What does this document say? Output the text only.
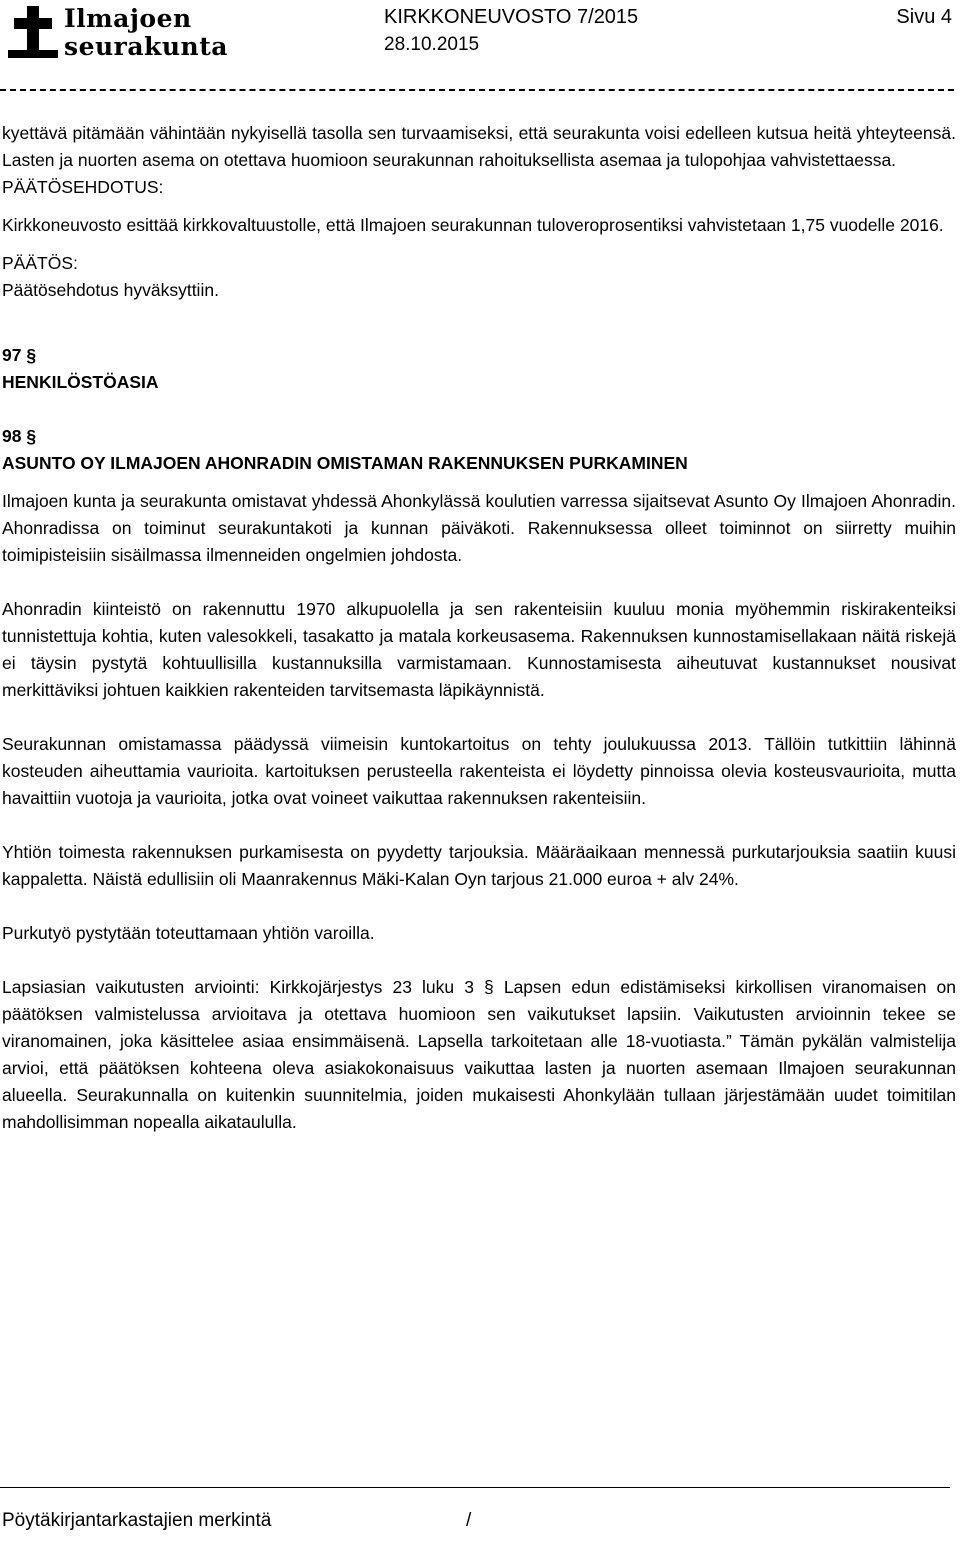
Ilmajoen
seurakunta
KIRKKONEUVOSTO 7/2015
28.10.2015
Sivu 4

kyettävä pitämään vähintään nykyisellä tasolla sen turvaamiseksi, että seurakunta voisi edelleen kutsua heitä yhteyteensä. Lasten ja nuorten asema on otettava huomioon seurakunnan rahoituksellista asemaa ja tulopohjaa vahvistettaessa.

PÄÄTÖSEHDOTUS:

Kirkkoneuvosto esittää kirkkovaltuustolle, että Ilmajoen seurakunnan tuloveroprosentiksi vahvistetaan 1,75 vuodelle 2016.

PÄÄTÖS:

Päätösehdotus hyväksyttiin.

97 §

HENKILÖSTÖASIA

98 §

ASUNTO OY ILMAJOEN AHONRADIN OMISTAMAN RAKENNUKSEN PURKAMINEN

Ilmajoen kunta ja seurakunta omistavat yhdessä Ahonkylässä koulutien varressa sijaitsevat Asunto Oy Ilmajoen Ahonradin. Ahonradissa on toiminut seurakuntakoti ja kunnan päiväkoti. Rakennuksessa olleet toiminnot on siirretty muihin toimipisteisiin sisäilmassa ilmenneiden ongelmien johdosta.

Ahonradin kiinteistö on rakennuttu 1970 alkupuolella ja sen rakenteisiin kuuluu monia myöhemmin riskirakenteiksi tunnistettuja kohtia, kuten valesokkeli, tasakatto ja matala korkeusasema. Rakennuksen kunnostamisellakaan näitä riskejä ei täysin pystytä kohtuullisilla kustannuksilla varmistamaan. Kunnostamisesta aiheutuvat kustannukset nousivat merkittäviksi johtuen kaikkien rakenteiden tarvitsemasta läpikäynnistä.

Seurakunnan omistamassa päädyssä viimeisin kuntokartoitus on tehty joulukuussa 2013. Tällöin tutkittiin lähinnä kosteuden aiheuttamia vaurioita. kartoituksen perusteella rakenteista ei löydetty pinnoissa olevia kosteusvaurioita, mutta havaittiin vuotoja ja vaurioita, jotka ovat voineet vaikuttaa rakennuksen rakenteisiin.

Yhtiön toimesta rakennuksen purkamisesta on pyydetty tarjouksia. Määräaikaan mennessä purkutarjouksia saatiin kuusi kappaletta. Näistä edullisiin oli Maanrakennus Mäki-Kalan Oyn tarjous 21.000 euroa + alv 24%.

Purkutyö pystytään toteuttamaan yhtiön varoilla.

Lapsiasian vaikutusten arviointi: Kirkkojärjestys 23 luku 3 § Lapsen edun edistämiseksi kirkollisen viranomaisen on päätöksen valmistelussa arvioitava ja otettava huomioon sen vaikutukset lapsiin. Vaikutusten arvioinnin tekee se viranomainen, joka käsittelee asiaa ensimmäisenä. Lapsella tarkoitetaan alle 18-vuotiasta.” Tämän pykälän valmistelija arvioi, että päätöksen kohteena oleva asiakokonaisuus vaikuttaa lasten ja nuorten asemaan Ilmajoen seurakunnan alueella. Seurakunnalla on kuitenkin suunnitelmia, joiden mukaisesti Ahonkylään tullaan järjestämään uudet toimitilan mahdollisimman nopealla aikataululla.

Pöytäkirjantarkastajien merkintä	/
